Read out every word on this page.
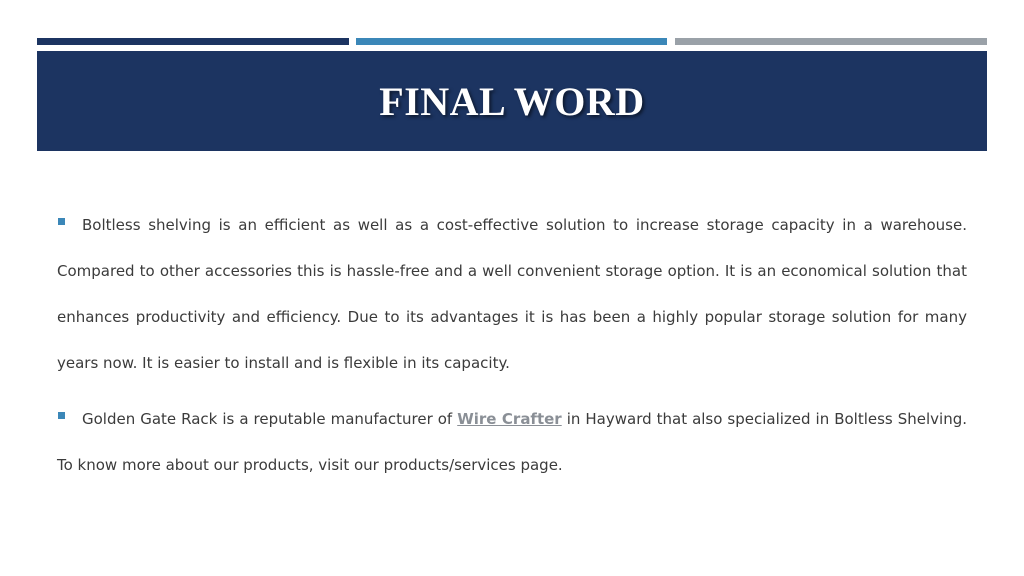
FINAL WORD

Boltless shelving is an efficient as well as a cost-effective solution to increase storage capacity in a warehouse. Compared to other accessories this is hassle-free and a well convenient storage option. It is an economical solution that enhances productivity and efficiency. Due to its advantages it is has been a highly popular storage solution for many years now. It is easier to install and is flexible in its capacity.

Golden Gate Rack is a reputable manufacturer of Wire Crafter in Hayward that also specialized in Boltless Shelving. To know more about our products, visit our products/services page.
